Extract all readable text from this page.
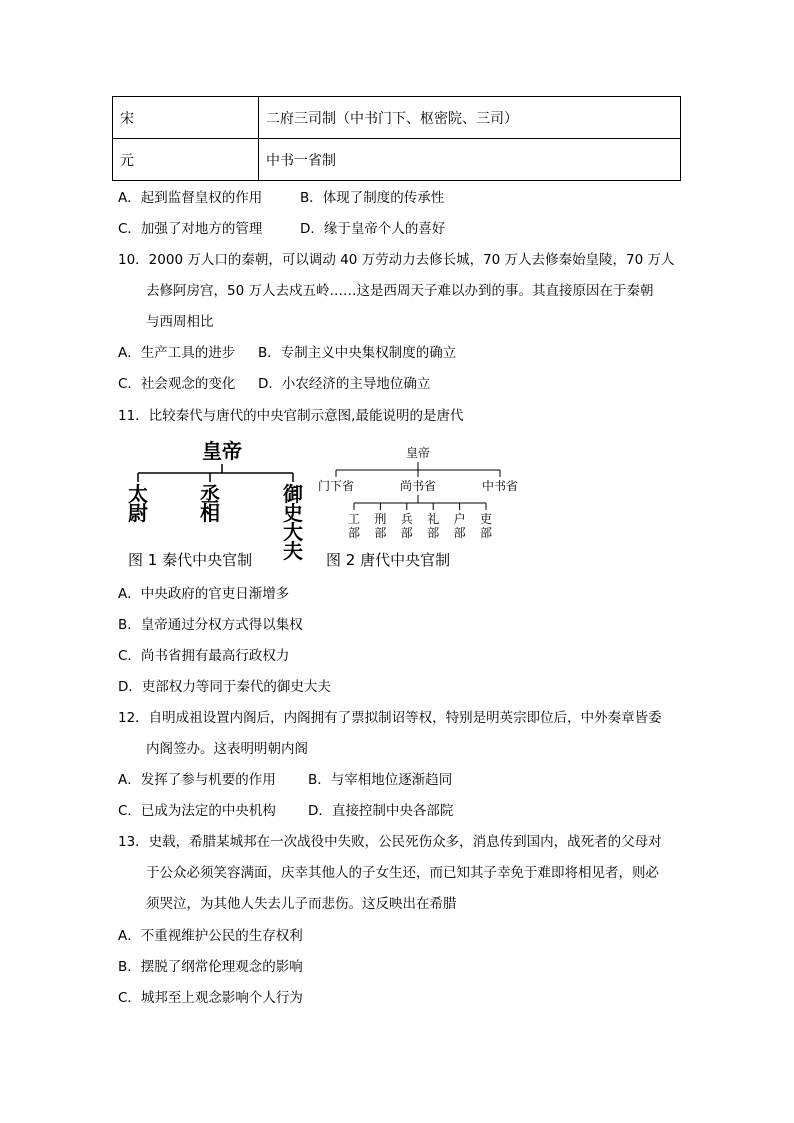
宋	二府三司制（中书门下、枢密院、三司）
元	中书一省制
A．起到监督皇权的作用	B．体现了制度的传承性
C．加强了对地方的管理	D．缘于皇帝个人的喜好
10．2000 万人口的秦朝，可以调动 40 万劳动力去修长城，70 万人去修秦始皇陵，70 万人
去修阿房宫，50 万人去戍五岭……这是西周天子难以办到的事。其直接原因在于秦朝
与西周相比
A．生产工具的进步 B．专制主义中央集权制度的确立
C．社会观念的变化 D．小农经济的主导地位确立
11．比较秦代与唐代的中央官制示意图,最能说明的是唐代
皇帝
太
尉
丞
相
御
史
大
夫
皇帝
门下省	尚书省	中书省
工
部
刑
部
兵
部
礼
部
户
部
吏
部
图 1 秦代中央官制	图 2 唐代中央官制
A．中央政府的官吏日渐增多
B．皇帝通过分权方式得以集权
C．尚书省拥有最高行政权力
D．吏部权力等同于秦代的御史大夫
12．自明成祖设置内阁后，内阁拥有了票拟制诏等权，特别是明英宗即位后，中外奏章皆委
内阁签办。这表明明朝内阁
A．发挥了参与机要的作用 B．与宰相地位逐渐趋同
C．已成为法定的中央机构 D．直接控制中央各部院
13．史载，希腊某城邦在一次战役中失败，公民死伤众多，消息传到国内，战死者的父母对
于公众必须笑容满面，庆幸其他人的子女生还，而已知其子幸免于难即将相见者，则必
须哭泣，为其他人失去儿子而悲伤。这反映出在希腊
A．不重视维护公民的生存权利
B．摆脱了纲常伦理观念的影响
C．城邦至上观念影响个人行为
